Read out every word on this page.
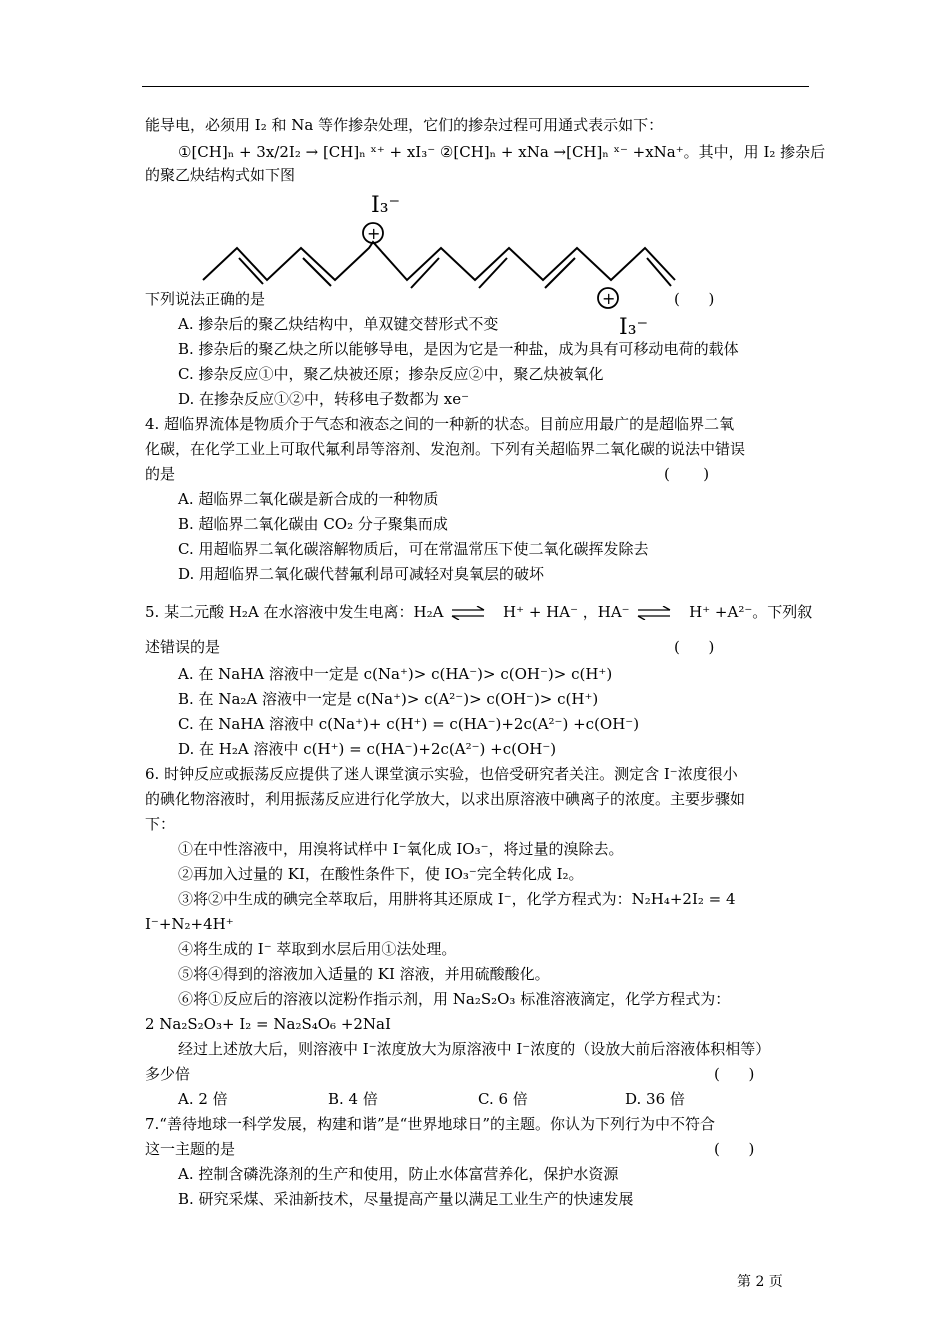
能导电，必须用 I₂ 和 Na 等作掺杂处理，它们的掺杂过程可用通式表示如下：
①[CH]ₙ + 3x/2I₂ → [CH]ₙ ˣ⁺ + xI₃⁻ ②[CH]ₙ + xNa →[CH]ₙ ˣ⁻ +xNa⁺。其中，用 I₂ 掺杂后
的聚乙炔结构式如下图
I₃⁻
+
+
I₃⁻
下列说法正确的是	(      )
A. 掺杂后的聚乙炔结构中，单双键交替形式不变
B. 掺杂后的聚乙炔之所以能够导电，是因为它是一种盐，成为具有可移动电荷的载体
C. 掺杂反应①中，聚乙炔被还原；掺杂反应②中，聚乙炔被氧化
D. 在掺杂反应①②中，转移电子数都为 xe⁻
4. 超临界流体是物质介于气态和液态之间的一种新的状态。目前应用最广的是超临界二氧
化碳，在化学工业上可取代氟利昂等溶剂、发泡剂。下列有关超临界二氧化碳的说法中错误
的是	(       )
A. 超临界二氧化碳是新合成的一种物质
B. 超临界二氧化碳由 CO₂ 分子聚集而成
C. 用超临界二氧化碳溶解物质后，可在常温常压下使二氧化碳挥发除去
D. 用超临界二氧化碳代替氟利昂可减轻对臭氧层的破坏
5. 某二元酸 H₂A 在水溶液中发生电离：H₂A ⇌ H⁺ + HA⁻ ，HA⁻ ⇌ H⁺ +A²⁻。下列叙
述错误的是	(      )
A. 在 NaHA 溶液中一定是 c(Na⁺)> c(HA⁻)> c(OH⁻)> c(H⁺)
B. 在 Na₂A 溶液中一定是 c(Na⁺)> c(A²⁻)> c(OH⁻)> c(H⁺)
C. 在 NaHA 溶液中 c(Na⁺)+ c(H⁺) = c(HA⁻)+2c(A²⁻) +c(OH⁻)
D. 在 H₂A 溶液中 c(H⁺) = c(HA⁻)+2c(A²⁻) +c(OH⁻)
6. 时钟反应或振荡反应提供了迷人课堂演示实验，也倍受研究者关注。测定含 I⁻浓度很小
的碘化物溶液时，利用振荡反应进行化学放大，以求出原溶液中碘离子的浓度。主要步骤如
下：
①在中性溶液中，用溴将试样中 I⁻氧化成 IO₃⁻，将过量的溴除去。
②再加入过量的 KI，在酸性条件下，使 IO₃⁻完全转化成 I₂。
③将②中生成的碘完全萃取后，用肼将其还原成 I⁻，化学方程式为：N₂H₄+2I₂ = 4
I⁻+N₂+4H⁺
④将生成的 I⁻ 萃取到水层后用①法处理。
⑤将④得到的溶液加入适量的 KI 溶液，并用硫酸酸化。
⑥将①反应后的溶液以淀粉作指示剂，用 Na₂S₂O₃ 标准溶液滴定，化学方程式为：
2 Na₂S₂O₃+ I₂ = Na₂S₄O₆ +2NaI
经过上述放大后，则溶液中 I⁻浓度放大为原溶液中 I⁻浓度的（设放大前后溶液体积相等）
多少倍	(      )
A. 2 倍	B. 4 倍	C. 6 倍	D. 36 倍
7.“善待地球一科学发展，构建和谐”是“世界地球日”的主题。你认为下列行为中不符合
这一主题的是	(      )
A. 控制含磷洗涤剂的生产和使用，防止水体富营养化，保护水资源
B. 研究采煤、采油新技术，尽量提高产量以满足工业生产的快速发展
第 2 页
